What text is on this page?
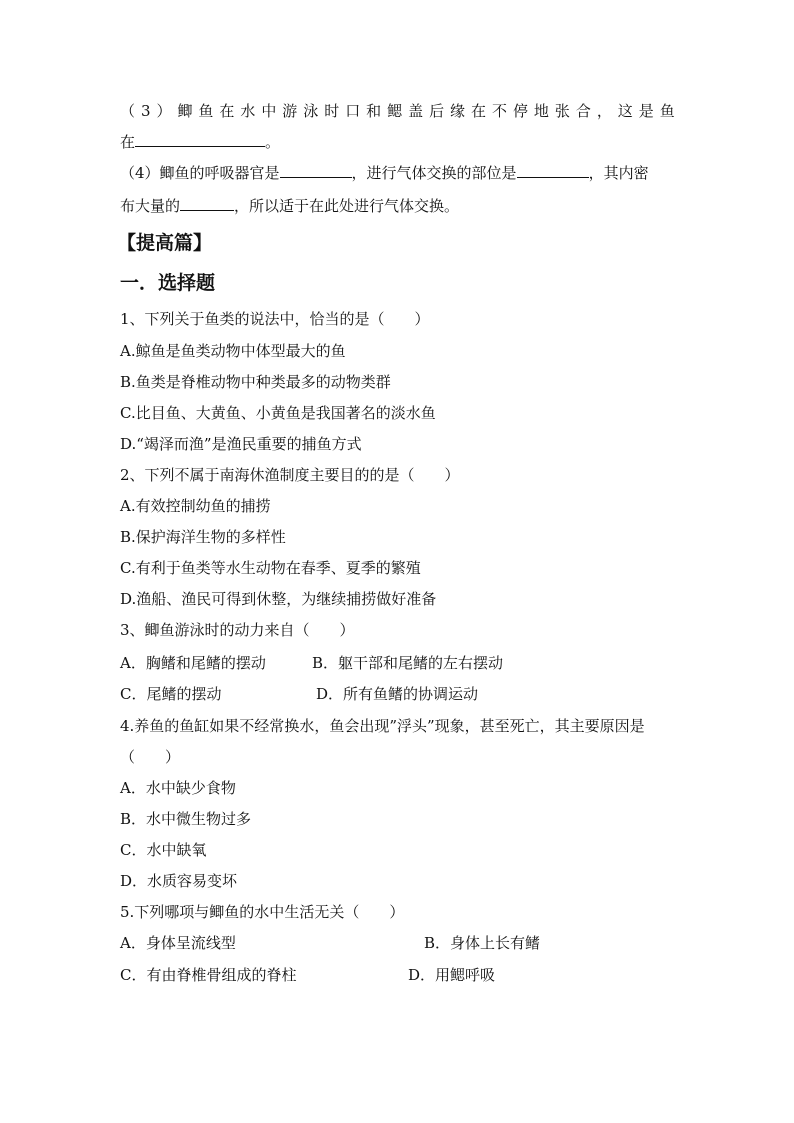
（ 3 ） 鲫 鱼 在 水 中 游 泳 时 口 和 鳃 盖 后 缘 在 不 停 地 张 合 ， 这 是 鱼
在	。
（4）鲫鱼的呼吸器官是	，进行气体交换的部位是	，其内密
布大量的	，所以适于在此处进行气体交换。
【提高篇】
一．选择题
1、下列关于鱼类的说法中，恰当的是（　　）
A.鲸鱼是鱼类动物中体型最大的鱼
B.鱼类是脊椎动物中种类最多的动物类群
C.比目鱼、大黄鱼、小黄鱼是我国著名的淡水鱼
D.“竭泽而渔”是渔民重要的捕鱼方式
2、下列不属于南海休渔制度主要目的的是（　　）
A.有效控制幼鱼的捕捞
B.保护海洋生物的多样性
C.有利于鱼类等水生动物在春季、夏季的繁殖
D.渔船、渔民可得到休整，为继续捕捞做好准备
3、鲫鱼游泳时的动力来自（　　）
A．胸鳍和尾鳍的摆动	B．躯干部和尾鳍的左右摆动
C．尾鳍的摆动	D．所有鱼鳍的协调运动
4.养鱼的鱼缸如果不经常换水，鱼会出现”浮头”现象，甚至死亡，其主要原因是
（　　）
A．水中缺少食物
B．水中微生物过多
C．水中缺氧
D．水质容易变坏
5.下列哪项与鲫鱼的水中生活无关（　　）
A．身体呈流线型	B．身体上长有鳍
C．有由脊椎骨组成的脊柱	D．用鳃呼吸
